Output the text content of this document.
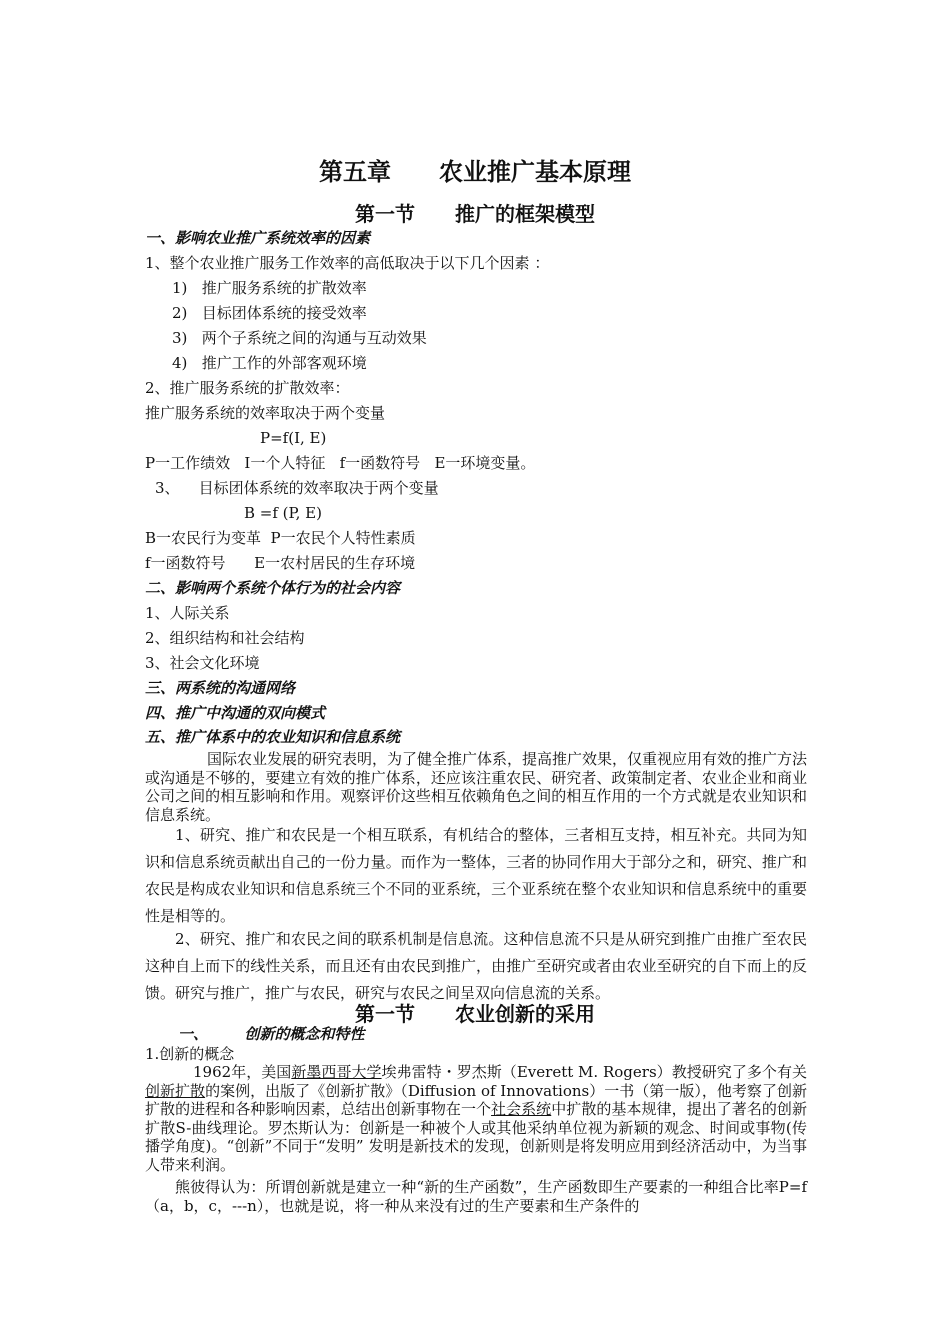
第五章　　农业推广基本原理
第一节　　推广的框架模型
一、影响农业推广系统效率的因素
1、整个农业推广服务工作效率的高低取决于以下几个因素 ：
1)   推广服务系统的扩散效率
2)   目标团体系统的接受效率
3)   两个子系统之间的沟通与互动效果
4)   推广工作的外部客观环境
2、推广服务系统的扩散效率：
推广服务系统的效率取决于两个变量
P=f(I, E)
P一工作绩效   I一个人特征   f一函数符号   E一环境变量。
3、    目标团体系统的效率取决于两个变量
B =f (P, E)
B一农民行为变革  P一农民个人特性素质
f一函数符号      E一农村居民的生存环境
二、影响两个系统个体行为的社会内容
1、人际关系
2、组织结构和社会结构
3、社会文化环境
三、两系统的沟通网络
四、推广中沟通的双向模式
五、推广体系中的农业知识和信息系统
国际农业发展的研究表明，为了健全推广体系，提高推广效果，仅重视应用有效的推广方法或沟通是不够的，要建立有效的推广体系，还应该注重农民、研究者、政策制定者、农业企业和商业公司之间的相互影响和作用。观察评价这些相互依赖角色之间的相互作用的一个方式就是农业知识和信息系统。
1、研究、推广和农民是一个相互联系，有机结合的整体，三者相互支持，相互补充。共同为知识和信息系统贡献出自己的一份力量。而作为一整体，三者的协同作用大于部分之和，研究、推广和农民是构成农业知识和信息系统三个不同的亚系统，三个亚系统在整个农业知识和信息系统中的重要性是相等的。
2、研究、推广和农民之间的联系机制是信息流。这种信息流不只是从研究到推广由推广至农民这种自上而下的线性关系，而且还有由农民到推广，由推广至研究或者由农业至研究的自下而上的反馈。研究与推广，推广与农民，研究与农民之间呈双向信息流的关系。
第一节　　农业创新的采用
一、       创新的概念和特性
1.创新的概念
1962年，美国新墨西哥大学埃弗雷特・罗杰斯（Everett M. Rogers）教授研究了多个有关创新扩散的案例，出版了《创新扩散》（Diffusion of Innovations）一书（第一版），他考察了创新扩散的进程和各种影响因素，总结出创新事物在一个社会系统中扩散的基本规律，提出了著名的创新扩散S-曲线理论。罗杰斯认为：创新是一种被个人或其他采纳单位视为新颖的观念、时间或事物(传播学角度)。“创新”不同于“发明” 发明是新技术的发现，创新则是将发明应用到经济活动中，为当事人带来利润。
熊彼得认为：所谓创新就是建立一种“新的生产函数”，生产函数即生产要素的一种组合比率P=f（a，b，c，---n），也就是说，将一种从来没有过的生产要素和生产条件的
